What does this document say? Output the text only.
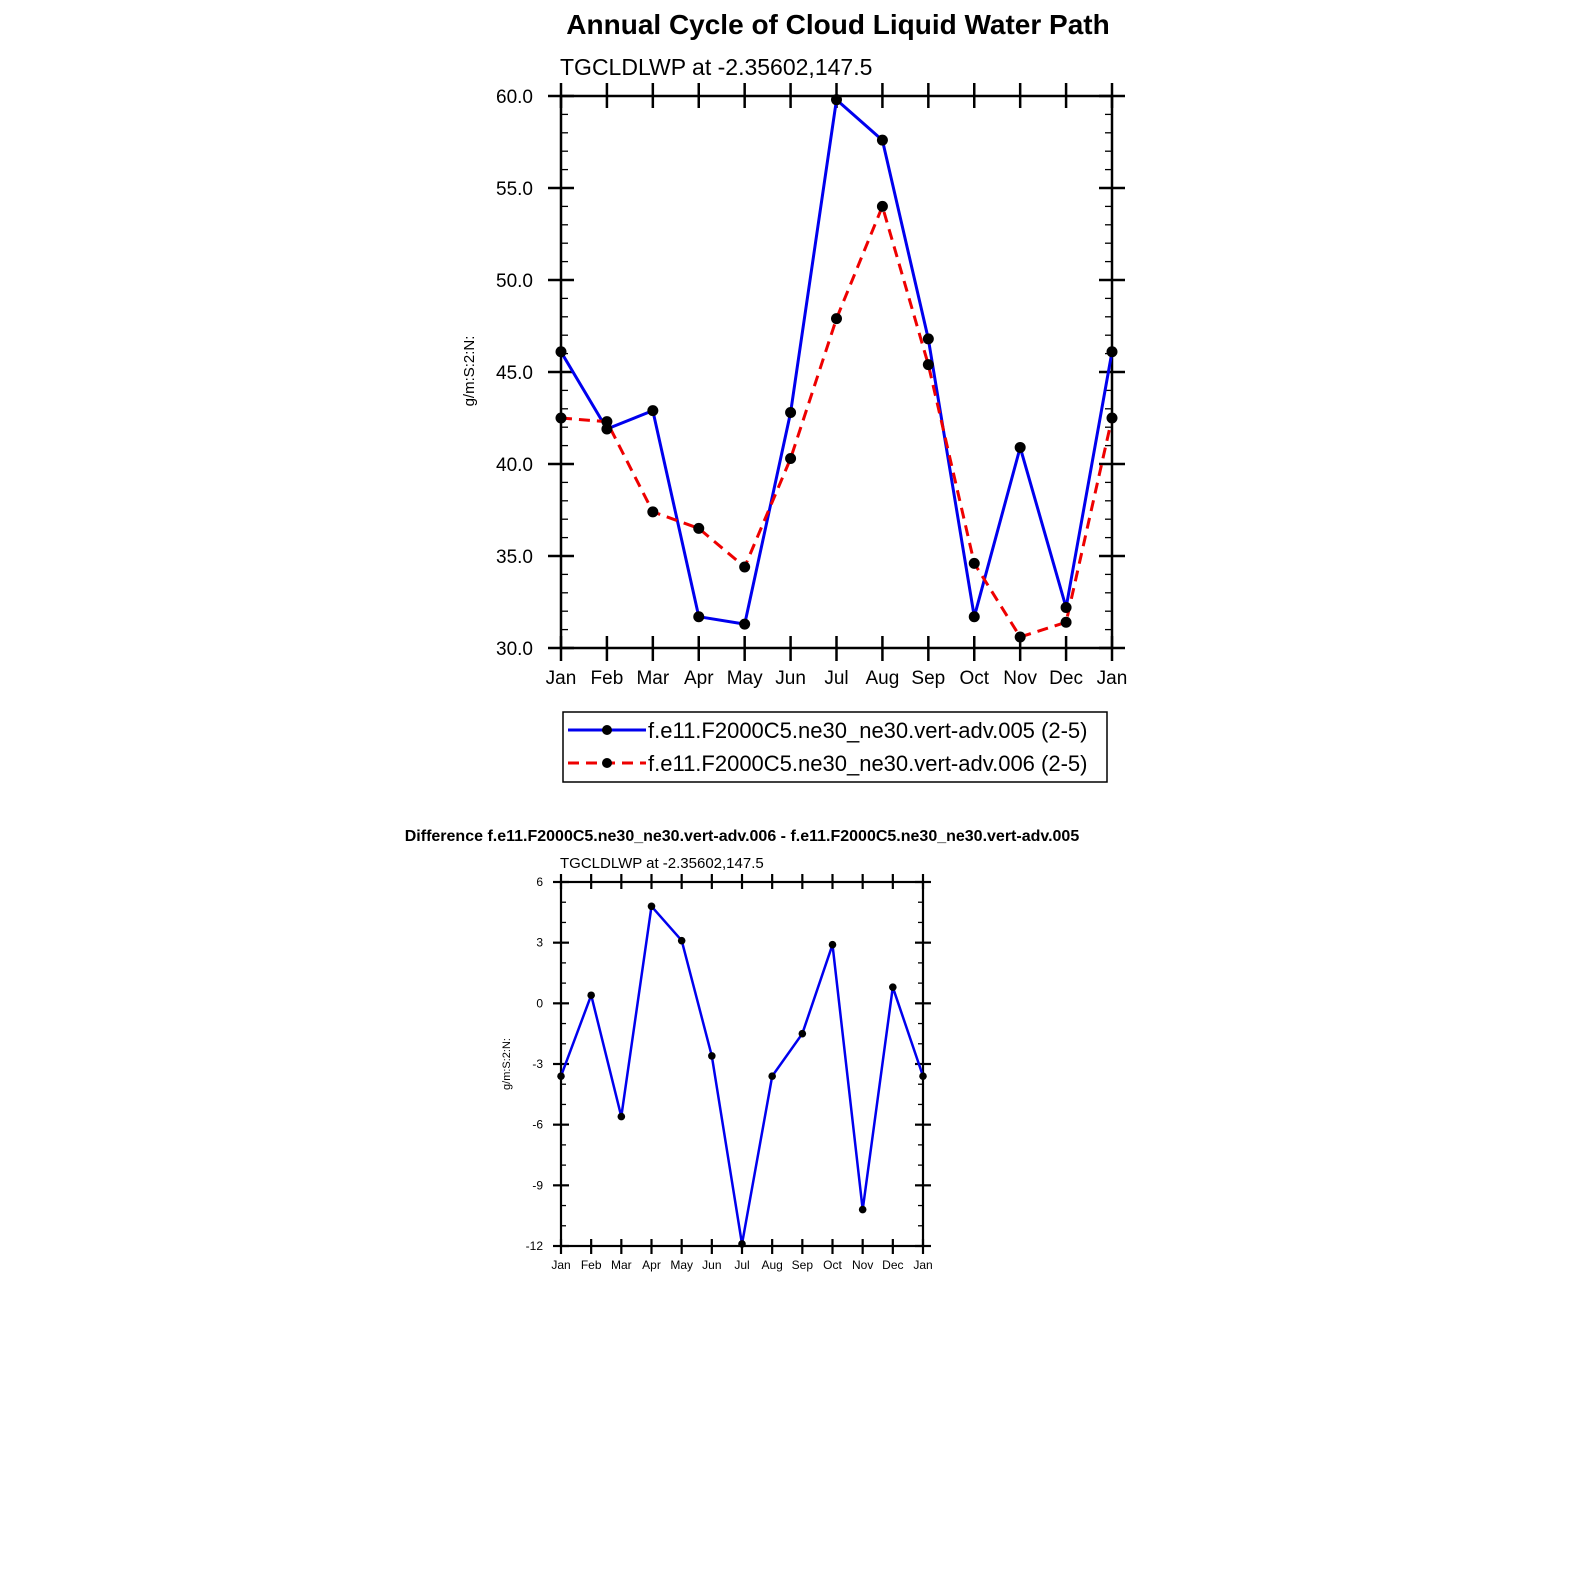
Annual Cycle of Cloud Liquid Water Path
TGCLDLWP at -2.35602,147.5
g/m:S:2:N:
30.0
35.0
40.0
45.0
50.0
55.0
60.0
Jan Feb Mar Apr May Jun Jul Aug Sep Oct Nov Dec Jan
f.e11.F2000C5.ne30_ne30.vert-adv.005 (2-5)
f.e11.F2000C5.ne30_ne30.vert-adv.006 (2-5)
Difference f.e11.F2000C5.ne30_ne30.vert-adv.006 - f.e11.F2000C5.ne30_ne30.vert-adv.005
TGCLDLWP at -2.35602,147.5
g/m:S:2:N:
-12
-9
-6
-3
0
3
6
Jan Feb Mar Apr May Jun Jul Aug Sep Oct Nov Dec Jan
